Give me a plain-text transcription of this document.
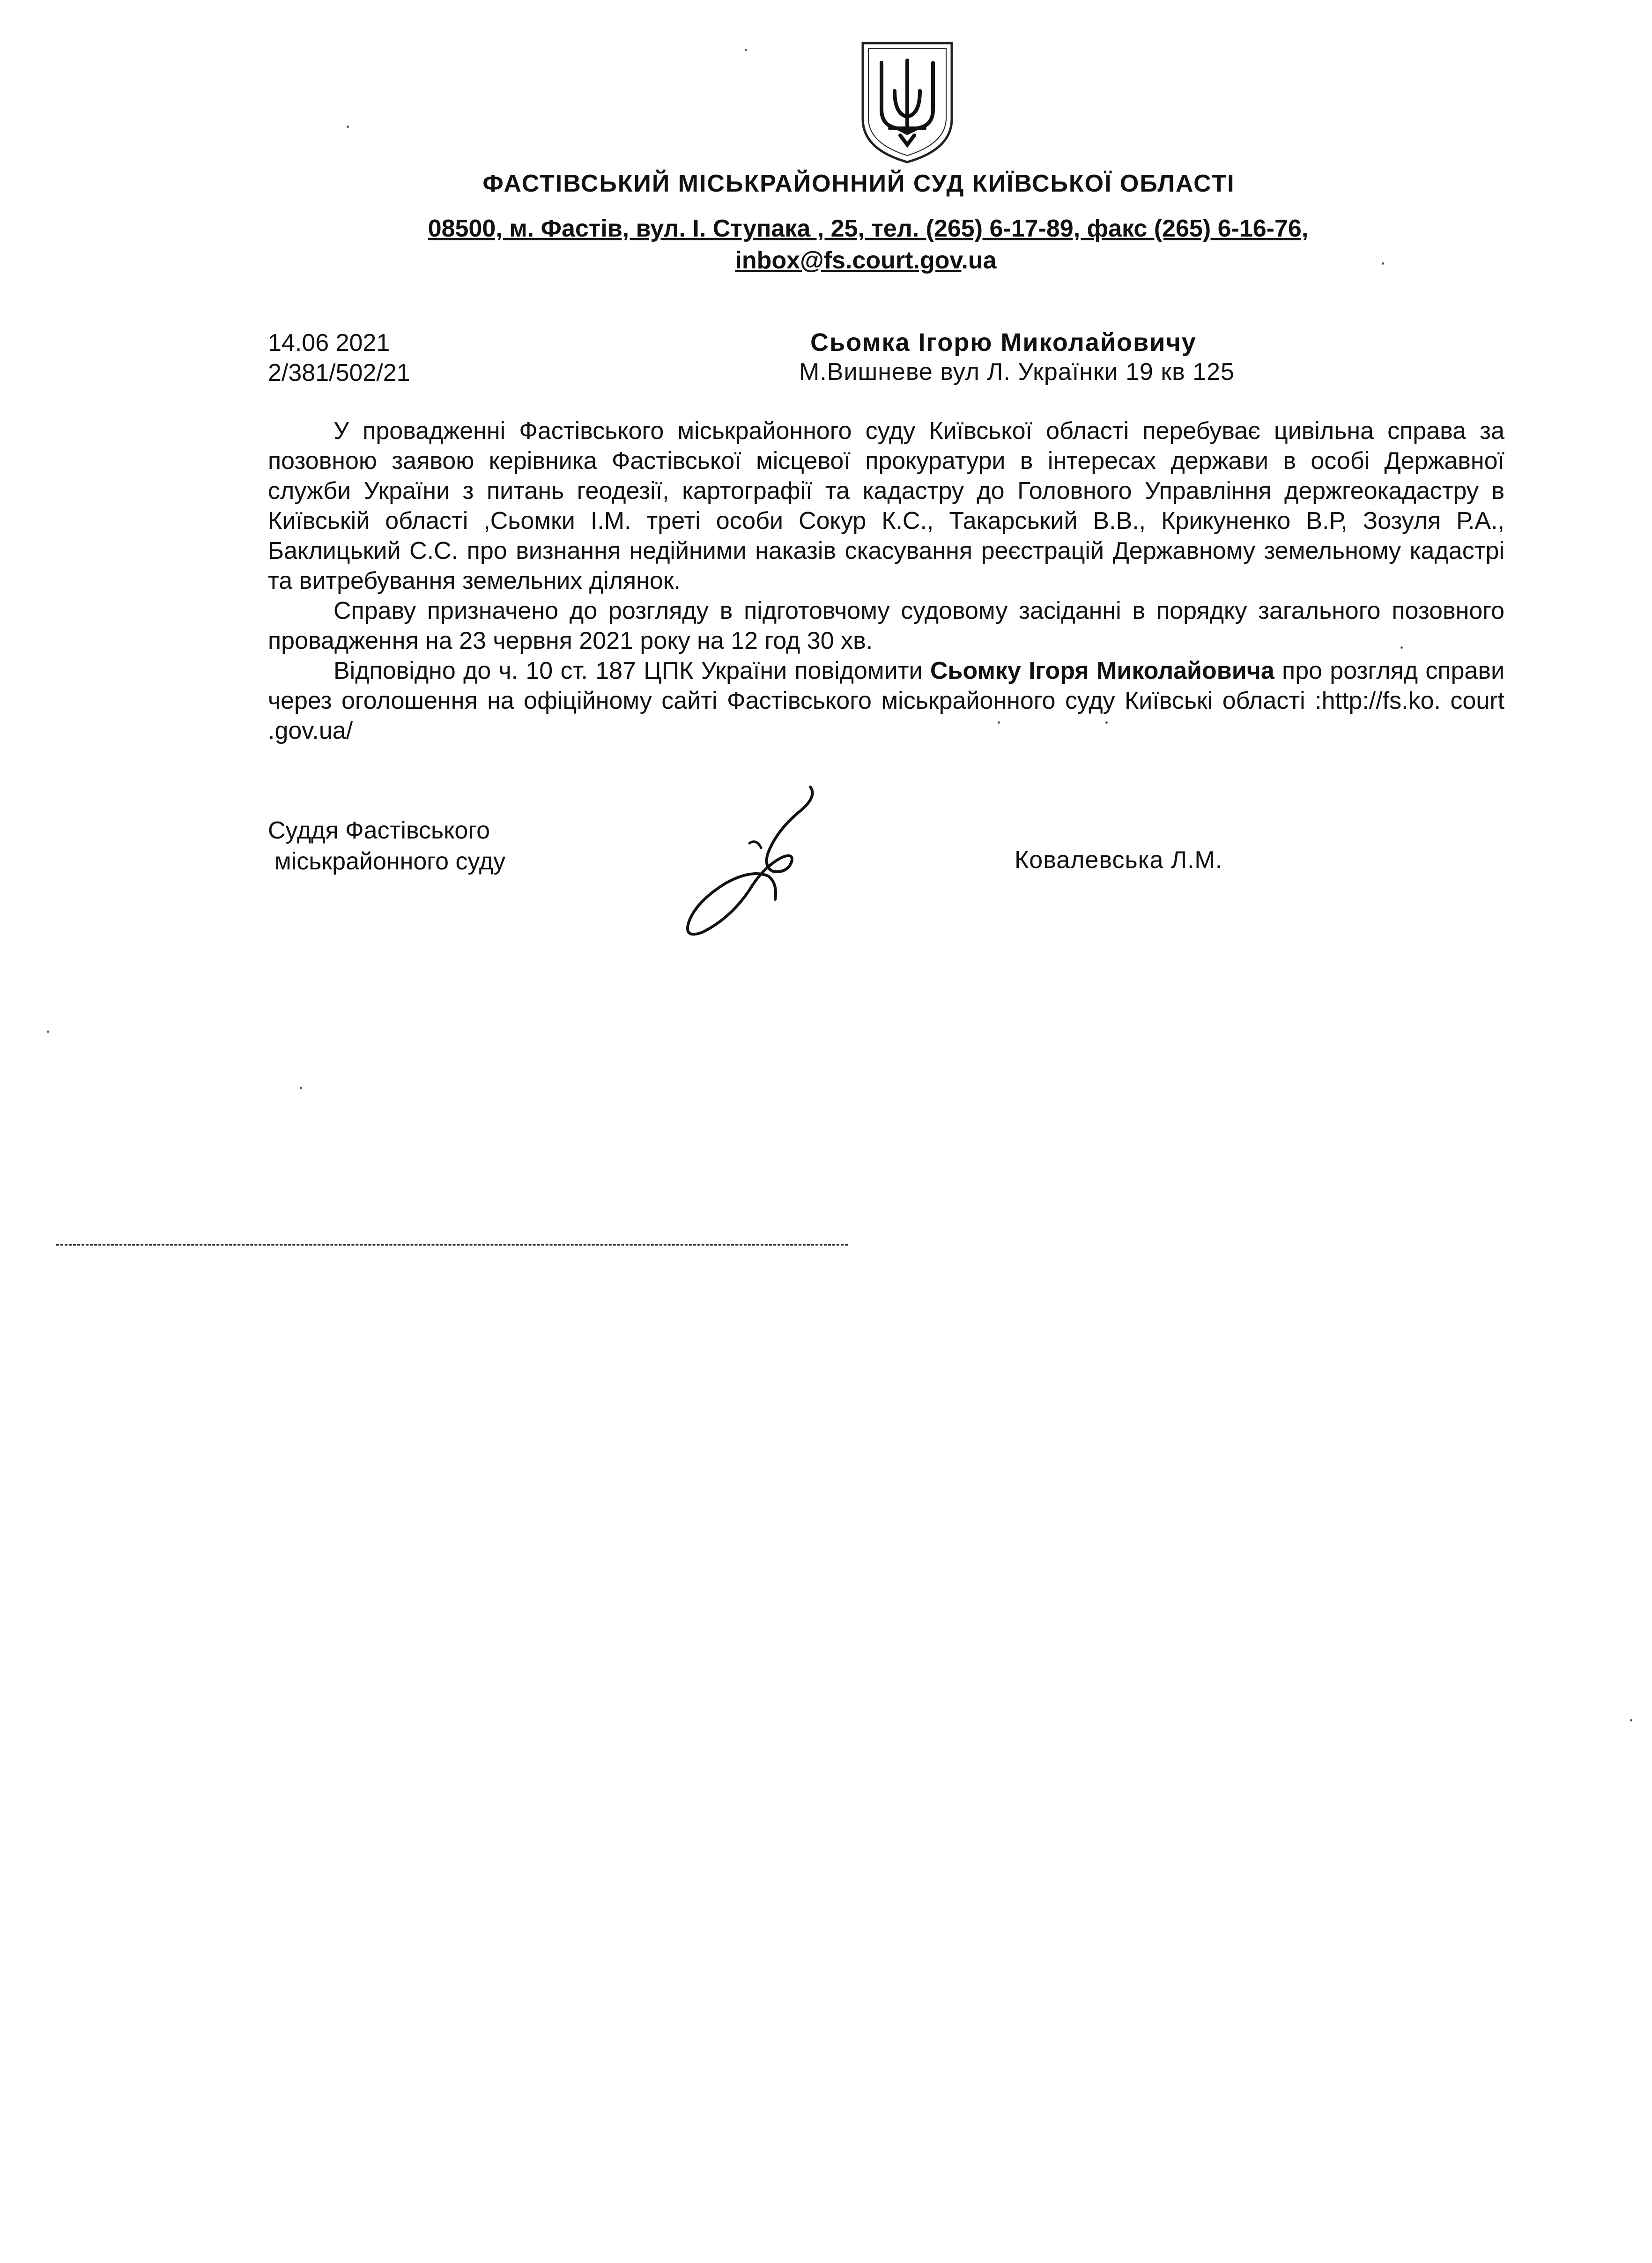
ФАСТІВСЬКИЙ МІСЬКРАЙОННИЙ СУД КИЇВСЬКОЇ ОБЛАСТІ
08500, м. Фастів, вул. І. Ступака , 25, тел. (265) 6-17-89, факс (265) 6-16-76,
inbox@fs.court.gov.ua
14.06 2021
2/381/502/21
Сьомка Ігорю Миколайовичу
М.Вишневе вул Л. Українки 19 кв 125

У провадженні Фастівського міськрайонного суду Київської області перебуває цивільна справа за позовною заявою керівника Фастівської місцевої прокуратури в інтересах держави в особі Державної служби України з питань геодезії, картографії та кадастру до Головного Управління держгеокадастру в Київській області ,Сьомки І.М. треті особи Сокур К.С., Такарський В.В., Крикуненко В.Р, Зозуля Р.А., Баклицький С.С. про визнання недійними наказів скасування реєстрацій Державному земельному кадастрі та витребування земельних ділянок.

Справу призначено до розгляду в підготовчому судовому засіданні в порядку загального позовного провадження на 23 червня 2021 року на 12 год 30 хв.

Відповідно до ч. 10 ст. 187 ЦПК України повідомити Сьомку Ігоря Миколайовича про розгляд справи через оголошення на офіційному сайті Фастівського міськрайонного суду Київські області :http://fs.ko. court .gov.ua/

Суддя Фастівського
міськрайонного суду	Ковалевська Л.М.
